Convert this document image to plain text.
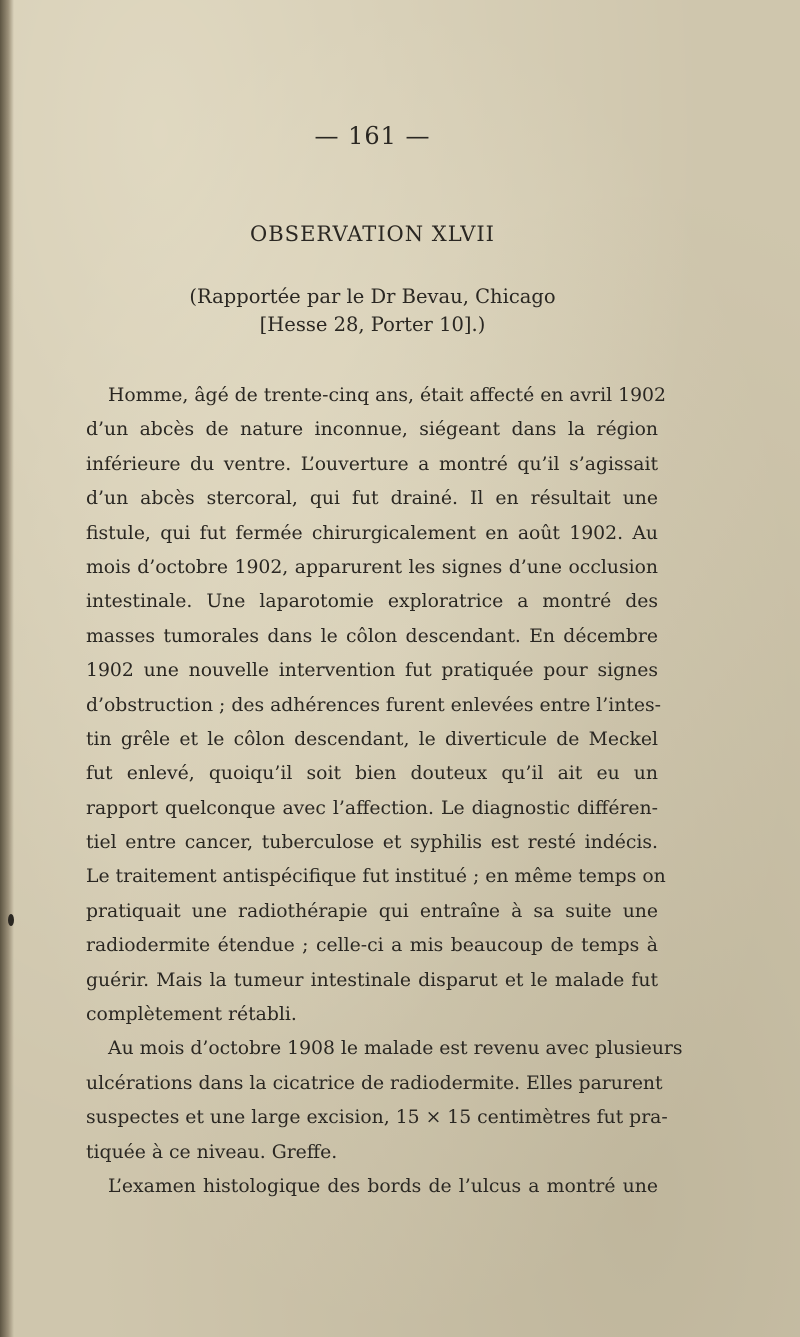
— 161 —
OBSERVATION XLVII
(Rapportée par le Dr Bevau, Chicago
[Hesse 28, Porter 10].)
Homme, âgé de trente-cinq ans, était affecté en avril 1902
d’un abcès de nature inconnue, siégeant dans la région
inférieure du ventre. L’ouverture a montré qu’il s’agissait
d’un abcès stercoral, qui fut drainé. Il en résultait une
fistule, qui fut fermée chirurgicalement en août 1902. Au
mois d’octobre 1902, apparurent les signes d’une occlusion
intestinale. Une laparotomie exploratrice a montré des
masses tumorales dans le côlon descendant. En décembre
1902 une nouvelle intervention fut pratiquée pour signes
d’obstruction ; des adhérences furent enlevées entre l’intes-
tin grêle et le côlon descendant, le diverticule de Meckel
fut enlevé, quoiqu’il soit bien douteux qu’il ait eu un
rapport quelconque avec l’affection. Le diagnostic différen-
tiel entre cancer, tuberculose et syphilis est resté indécis.
Le traitement antispécifique fut institué ; en même temps on
pratiquait une radiothérapie qui entraîne à sa suite une
radiodermite étendue ; celle-ci a mis beaucoup de temps à
guérir. Mais la tumeur intestinale disparut et le malade fut
complètement rétabli.
Au mois d’octobre 1908 le malade est revenu avec plusieurs
ulcérations dans la cicatrice de radiodermite. Elles parurent
suspectes et une large excision, 15 × 15 centimètres fut pra-
tiquée à ce niveau. Greffe.
L’examen histologique des bords de l’ulcus a montré une
